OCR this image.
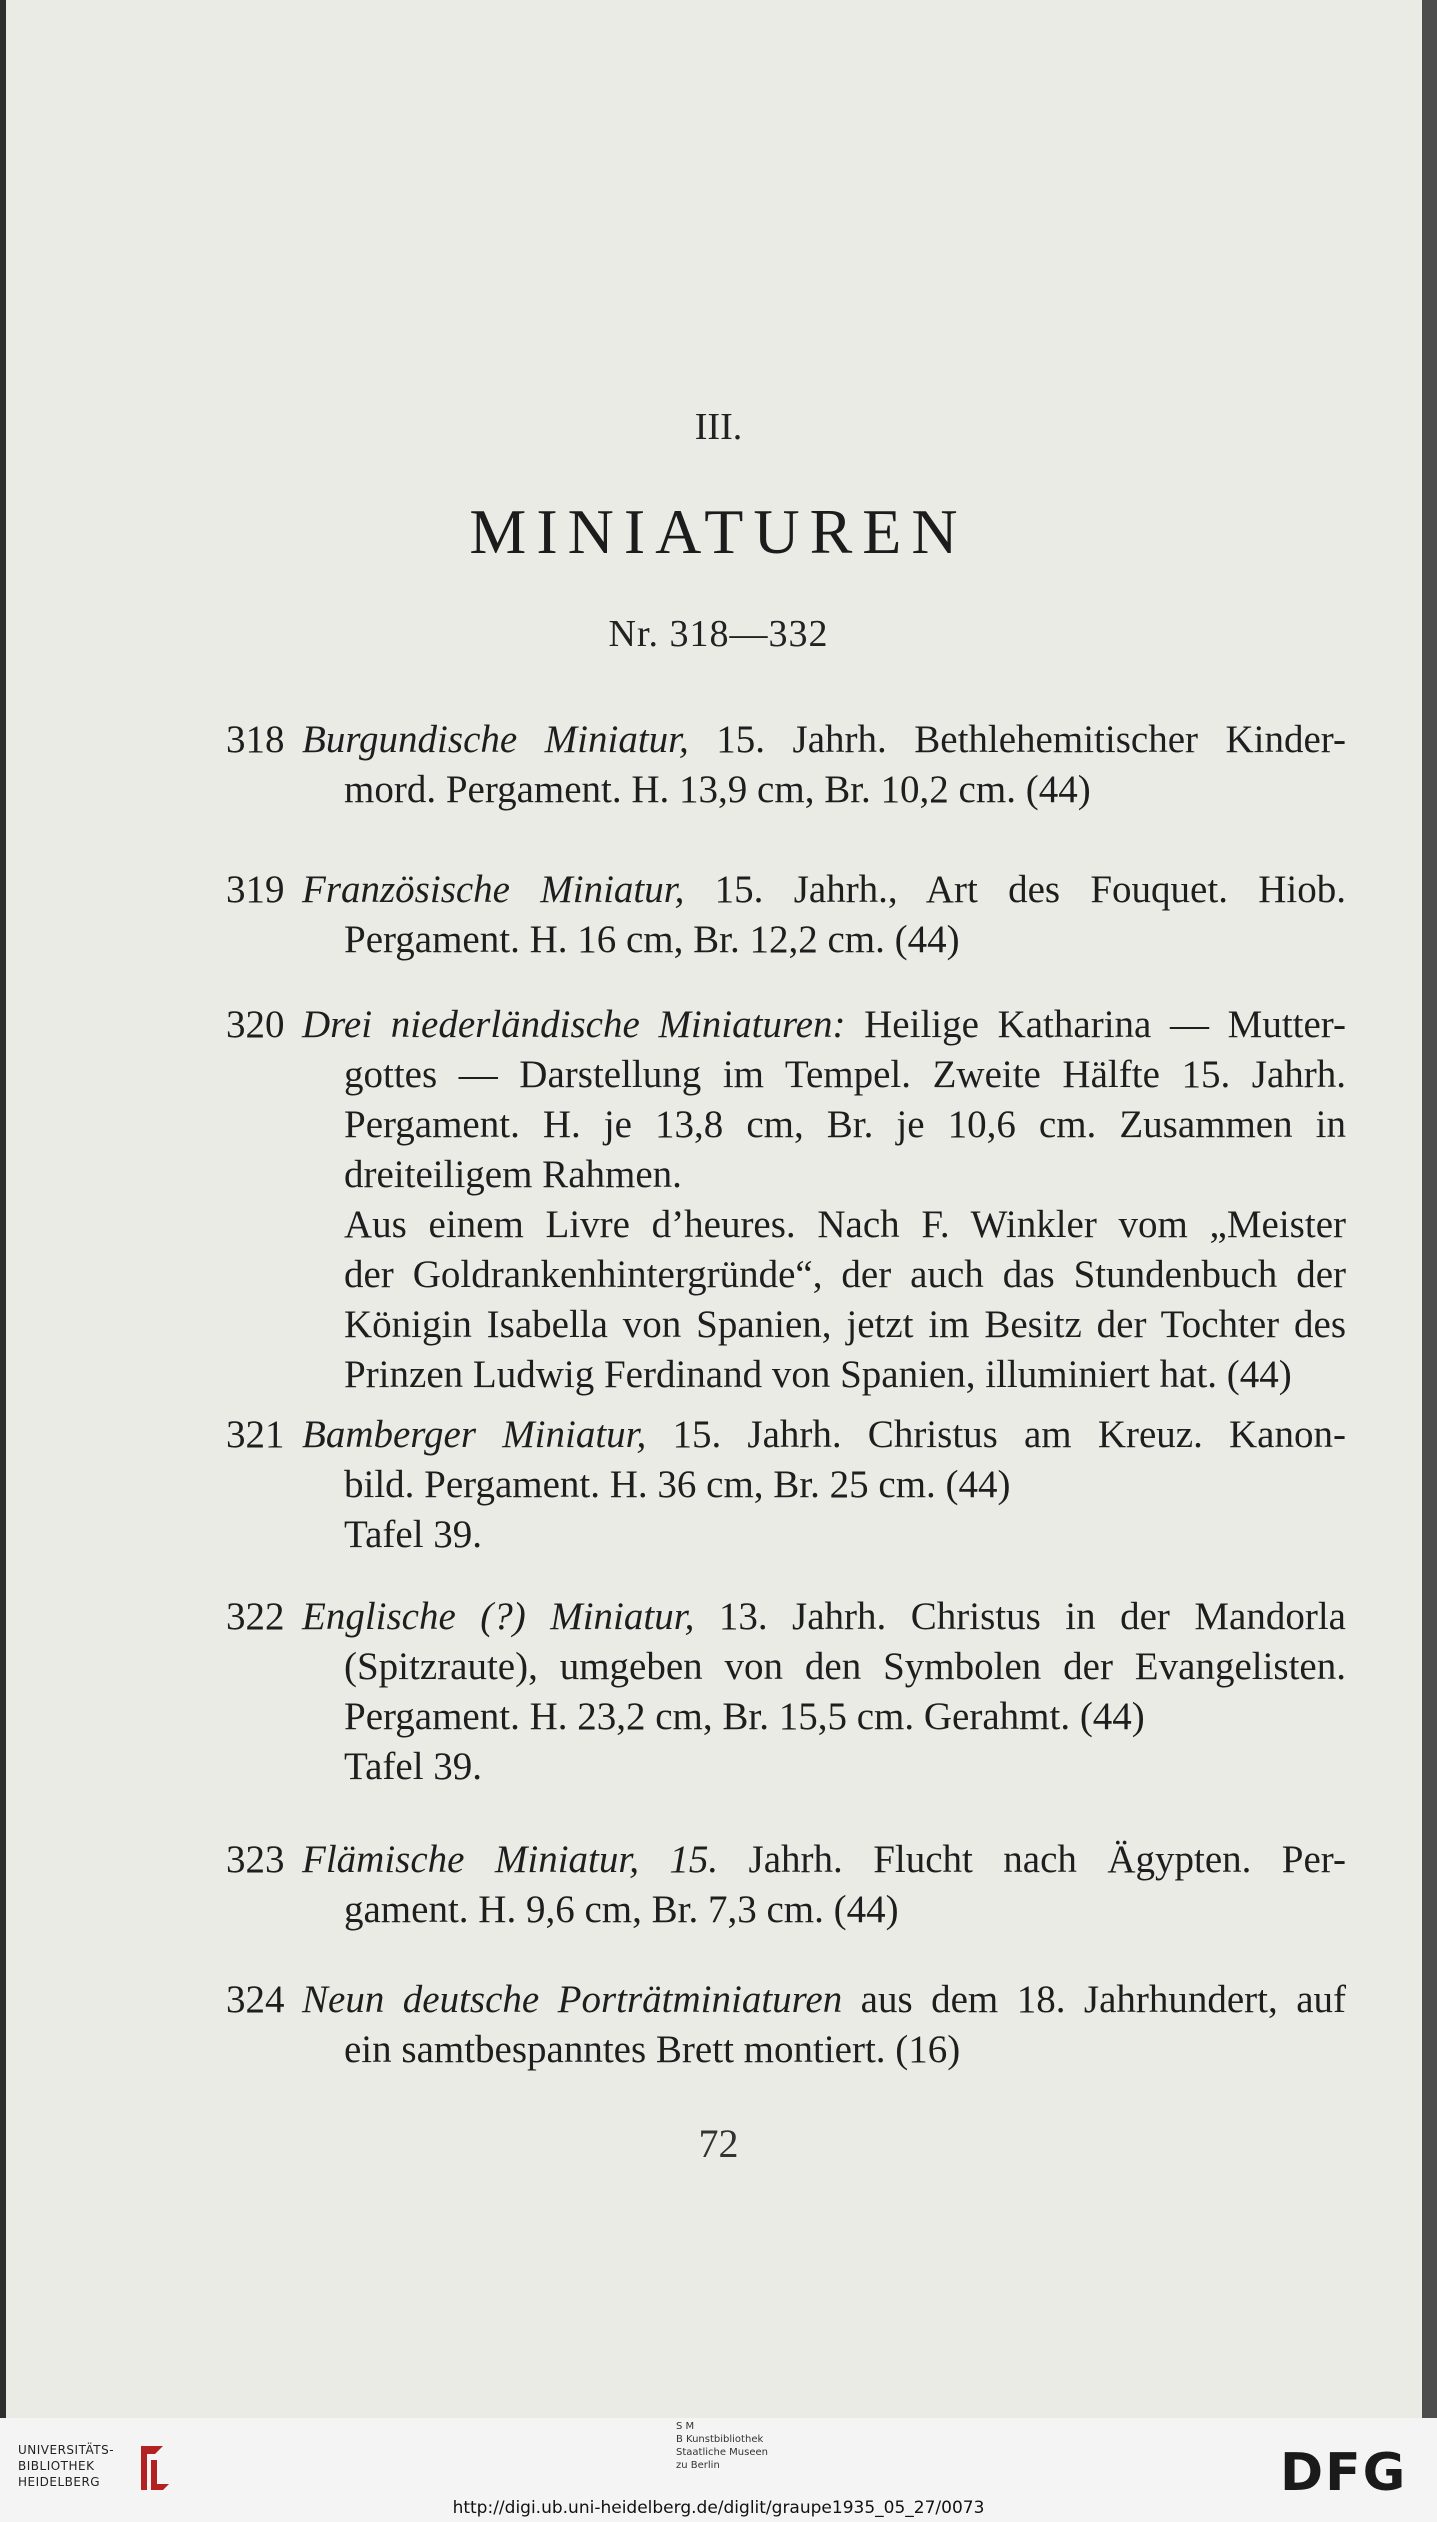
III.
MINIATUREN
Nr. 318—332
318 Burgundische Miniatur, 15. Jahrh. Bethlehemitischer Kinder-
mord. Pergament. H. 13,9 cm, Br. 10,2 cm. (44)
319 Französische Miniatur, 15. Jahrh., Art des Fouquet. Hiob.
Pergament. H. 16 cm, Br. 12,2 cm. (44)
320 Drei niederländische Miniaturen: Heilige Katharina — Mutter-
gottes — Darstellung im Tempel. Zweite Hälfte 15. Jahrh.
Pergament. H. je 13,8 cm, Br. je 10,6 cm. Zusammen in
dreiteiligem Rahmen.
Aus einem Livre d’heures. Nach F. Winkler vom „Meister
der Goldrankenhintergründe“, der auch das Stundenbuch der
Königin Isabella von Spanien, jetzt im Besitz der Tochter des
Prinzen Ludwig Ferdinand von Spanien, illuminiert hat. (44)
321 Bamberger Miniatur, 15. Jahrh. Christus am Kreuz. Kanon-
bild. Pergament. H. 36 cm, Br. 25 cm. (44)
Tafel 39.
322 Englische (?) Miniatur, 13. Jahrh. Christus in der Mandorla
(Spitzraute), umgeben von den Symbolen der Evangelisten.
Pergament. H. 23,2 cm, Br. 15,5 cm. Gerahmt. (44)
Tafel 39.
323 Flämische Miniatur, 15. Jahrh. Flucht nach Ägypten. Per-
gament. H. 9,6 cm, Br. 7,3 cm. (44)
324 Neun deutsche Porträtminiaturen aus dem 18. Jahrhundert, auf
ein samtbespanntes Brett montiert. (16)
72
UNIVERSITÄTS-
BIBLIOTHEK
HEIDELBERG
S M
B Kunstbibliothek
Staatliche Museen
zu Berlin	DFG
http://digi.ub.uni-heidelberg.de/diglit/graupe1935_05_27/0073
